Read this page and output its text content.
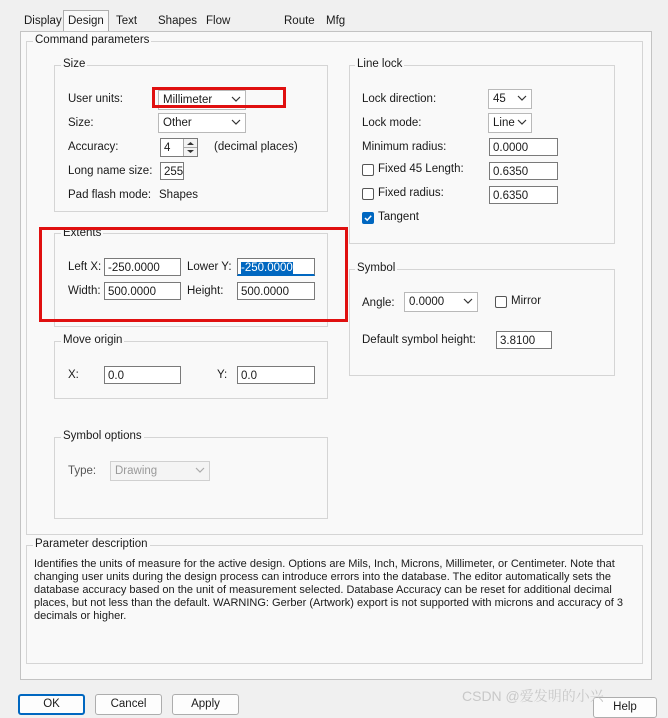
Display Design	Text	Shapes Flow	Route Mfg
Command parameters
Size
User units:	Millimeter
Size:	Other
Accuracy:	4	(decimal places)
Long name size:	255
Pad flash mode: Shapes
Extents
Left X: -250.0000	Lower Y: -250.0000
Width: 500.0000	Height:	500.0000
Move origin
X:	0.0	Y:	0.0
Symbol options
Type:	Drawing
Line lock
Lock direction:	45
Lock mode:	Line
Minimum radius:	0.0000
Fixed 45 Length:	0.6350
Fixed radius:	0.6350
Tangent
Symbol
Angle:	0.0000	Mirror
Default symbol height:	3.8100
Parameter description
Identifies the units of measure for the active design. Options are Mils, Inch, Microns, Millimeter, or Centimeter. Note that
changing user units during the design process can introduce errors into the database. The editor automatically sets the
database accuracy based on the unit of measurement selected. Database Accuracy can be reset for additional decimal
places, but not less than the default. WARNING: Gerber (Artwork) export is not supported with microns and accuracy of 3
decimals or higher.
OK	Cancel	Apply	Help
CSDN @爱发明的小兴
